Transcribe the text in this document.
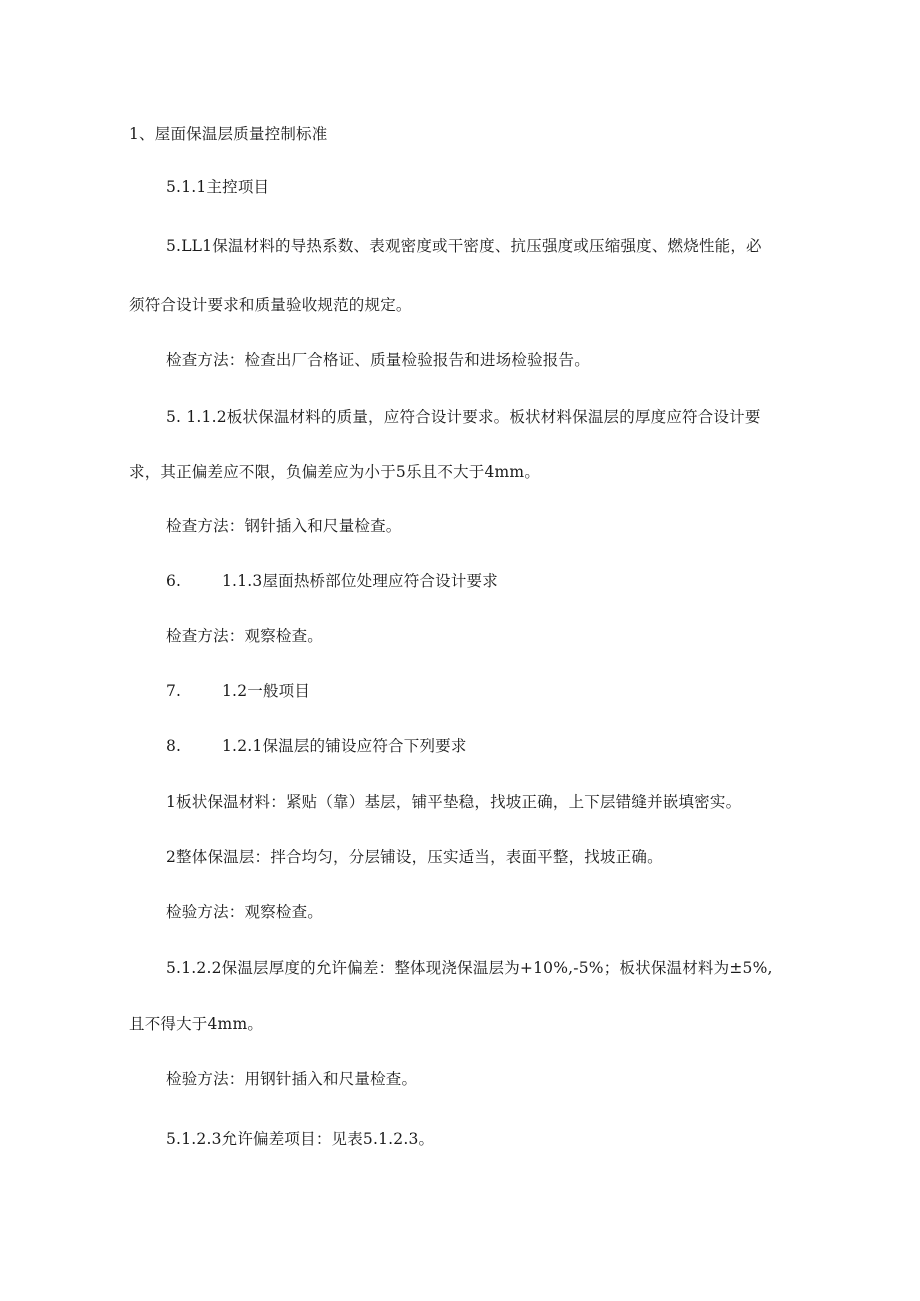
1、屋面保温层质量控制标准
5.1.1主控项目
5.LL1保温材料的导热系数、表观密度或干密度、抗压强度或压缩强度、燃烧性能，必
须符合设计要求和质量验收规范的规定。
检查方法：检查出厂合格证、质量检验报告和进场检验报告。
5. 1.1.2板状保温材料的质量，应符合设计要求。板状材料保温层的厚度应符合设计要
求，其正偏差应不限，负偏差应为小于5乐且不大于4mm。
检查方法：钢针插入和尺量检查。
6.	1.1.3屋面热桥部位处理应符合设计要求
检查方法：观察检查。
7.	1.2一般项目
8.	1.2.1保温层的铺设应符合下列要求
1板状保温材料：紧贴（靠）基层，铺平垫稳，找坡正确，上下层错缝并嵌填密实。
2整体保温层：拌合均匀，分层铺设，压实适当，表面平整，找坡正确。
检验方法：观察检查。
5.1.2.2保温层厚度的允许偏差：整体现浇保温层为+10%,-5%；板状保温材料为±5%,
且不得大于4mm。
检验方法：用钢针插入和尺量检查。
5.1.2.3允许偏差项目：见表5.1.2.3。
